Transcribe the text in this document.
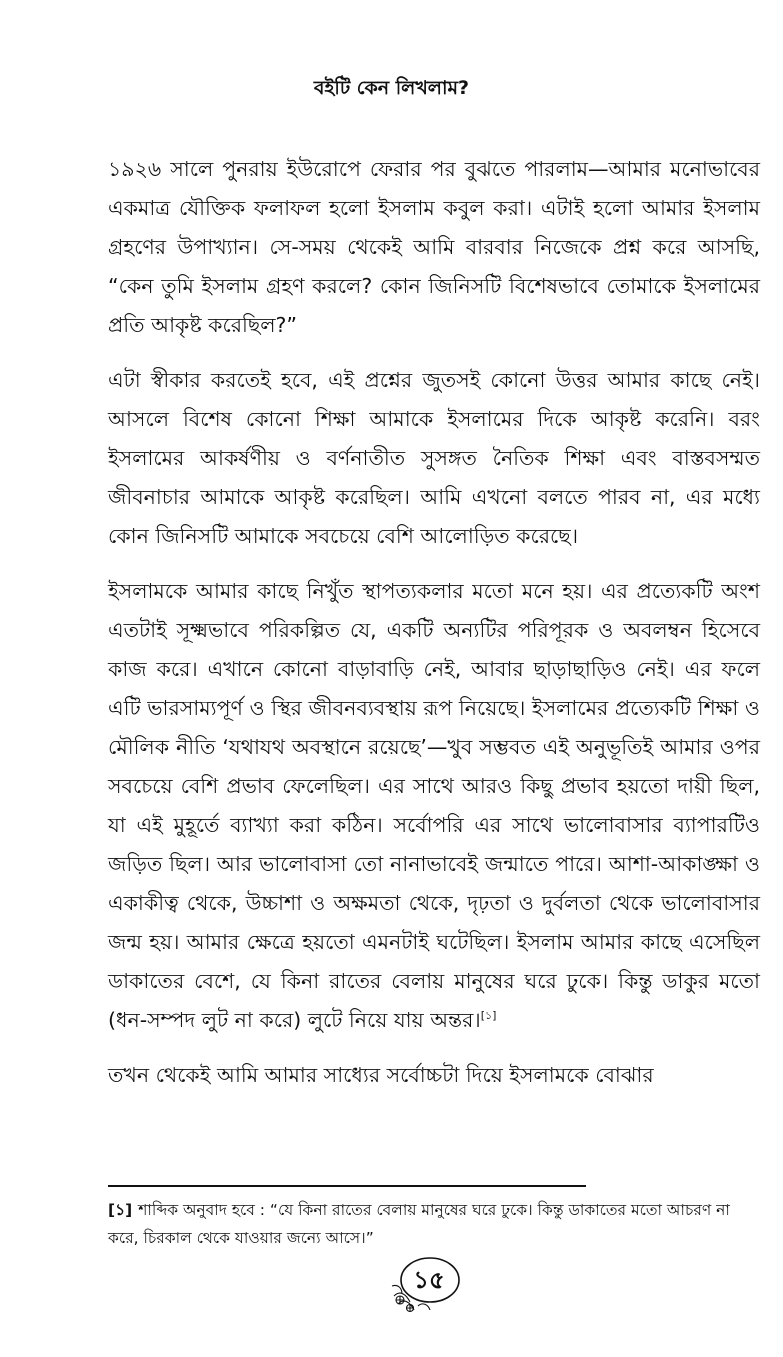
বইটি কেন লিখলাম?

১৯২৬ সালে পুনরায় ইউরোপে ফেরার পর বুঝতে পারলাম—আমার মনোভাবের একমাত্র যৌক্তিক ফলাফল হলো ইসলাম কবুল করা। এটাই হলো আমার ইসলাম গ্রহণের উপাখ্যান। সে-সময় থেকেই আমি বারবার নিজেকে প্রশ্ন করে আসছি, “কেন তুমি ইসলাম গ্রহণ করলে? কোন জিনিসটি বিশেষভাবে তোমাকে ইসলামের প্রতি আকৃষ্ট করেছিল?”

এটা স্বীকার করতেই হবে, এই প্রশ্নের জুতসই কোনো উত্তর আমার কাছে নেই। আসলে বিশেষ কোনো শিক্ষা আমাকে ইসলামের দিকে আকৃষ্ট করেনি। বরং ইসলামের আকর্ষণীয় ও বর্ণনাতীত সুসঙ্গত নৈতিক শিক্ষা এবং বাস্তবসম্মত জীবনাচার আমাকে আকৃষ্ট করেছিল। আমি এখনো বলতে পারব না, এর মধ্যে কোন জিনিসটি আমাকে সবচেয়ে বেশি আলোড়িত করেছে।

ইসলামকে আমার কাছে নিখুঁত স্থাপত্যকলার মতো মনে হয়। এর প্রত্যেকটি অংশ এতটাই সূক্ষ্মভাবে পরিকল্পিত যে, একটি অন্যটির পরিপূরক ও অবলম্বন হিসেবে কাজ করে। এখানে কোনো বাড়াবাড়ি নেই, আবার ছাড়াছাড়িও নেই। এর ফলে এটি ভারসাম্যপূর্ণ ও স্থির জীবনব্যবস্থায় রূপ নিয়েছে। ইসলামের প্রত্যেকটি শিক্ষা ও মৌলিক নীতি ‘যথাযথ অবস্থানে রয়েছে’—খুব সম্ভবত এই অনুভূতিই আমার ওপর সবচেয়ে বেশি প্রভাব ফেলেছিল। এর সাথে আরও কিছু প্রভাব হয়তো দায়ী ছিল, যা এই মুহূর্তে ব্যাখ্যা করা কঠিন। সর্বোপরি এর সাথে ভালোবাসার ব্যাপারটিও জড়িত ছিল। আর ভালোবাসা তো নানাভাবেই জন্মাতে পারে। আশা-আকাঙ্ক্ষা ও একাকীত্ব থেকে, উচ্চাশা ও অক্ষমতা থেকে, দৃঢ়তা ও দুর্বলতা থেকে ভালোবাসার জন্ম হয়। আমার ক্ষেত্রে হয়তো এমনটাই ঘটেছিল। ইসলাম আমার কাছে এসেছিল ডাকাতের বেশে, যে কিনা রাতের বেলায় মানুষের ঘরে ঢুকে। কিন্তু ডাকুর মতো (ধন-সম্পদ লুট না করে) লুটে নিয়ে যায় অন্তর।[১]

তখন থেকেই আমি আমার সাধ্যের সর্বোচ্চটা দিয়ে ইসলামকে বোঝার

[১] শাব্দিক অনুবাদ হবে : “যে কিনা রাতের বেলায় মানুষের ঘরে ঢুকে। কিন্তু ডাকাতের মতো আচরণ না করে, চিরকাল থেকে যাওয়ার জন্যে আসে।”
১৫
